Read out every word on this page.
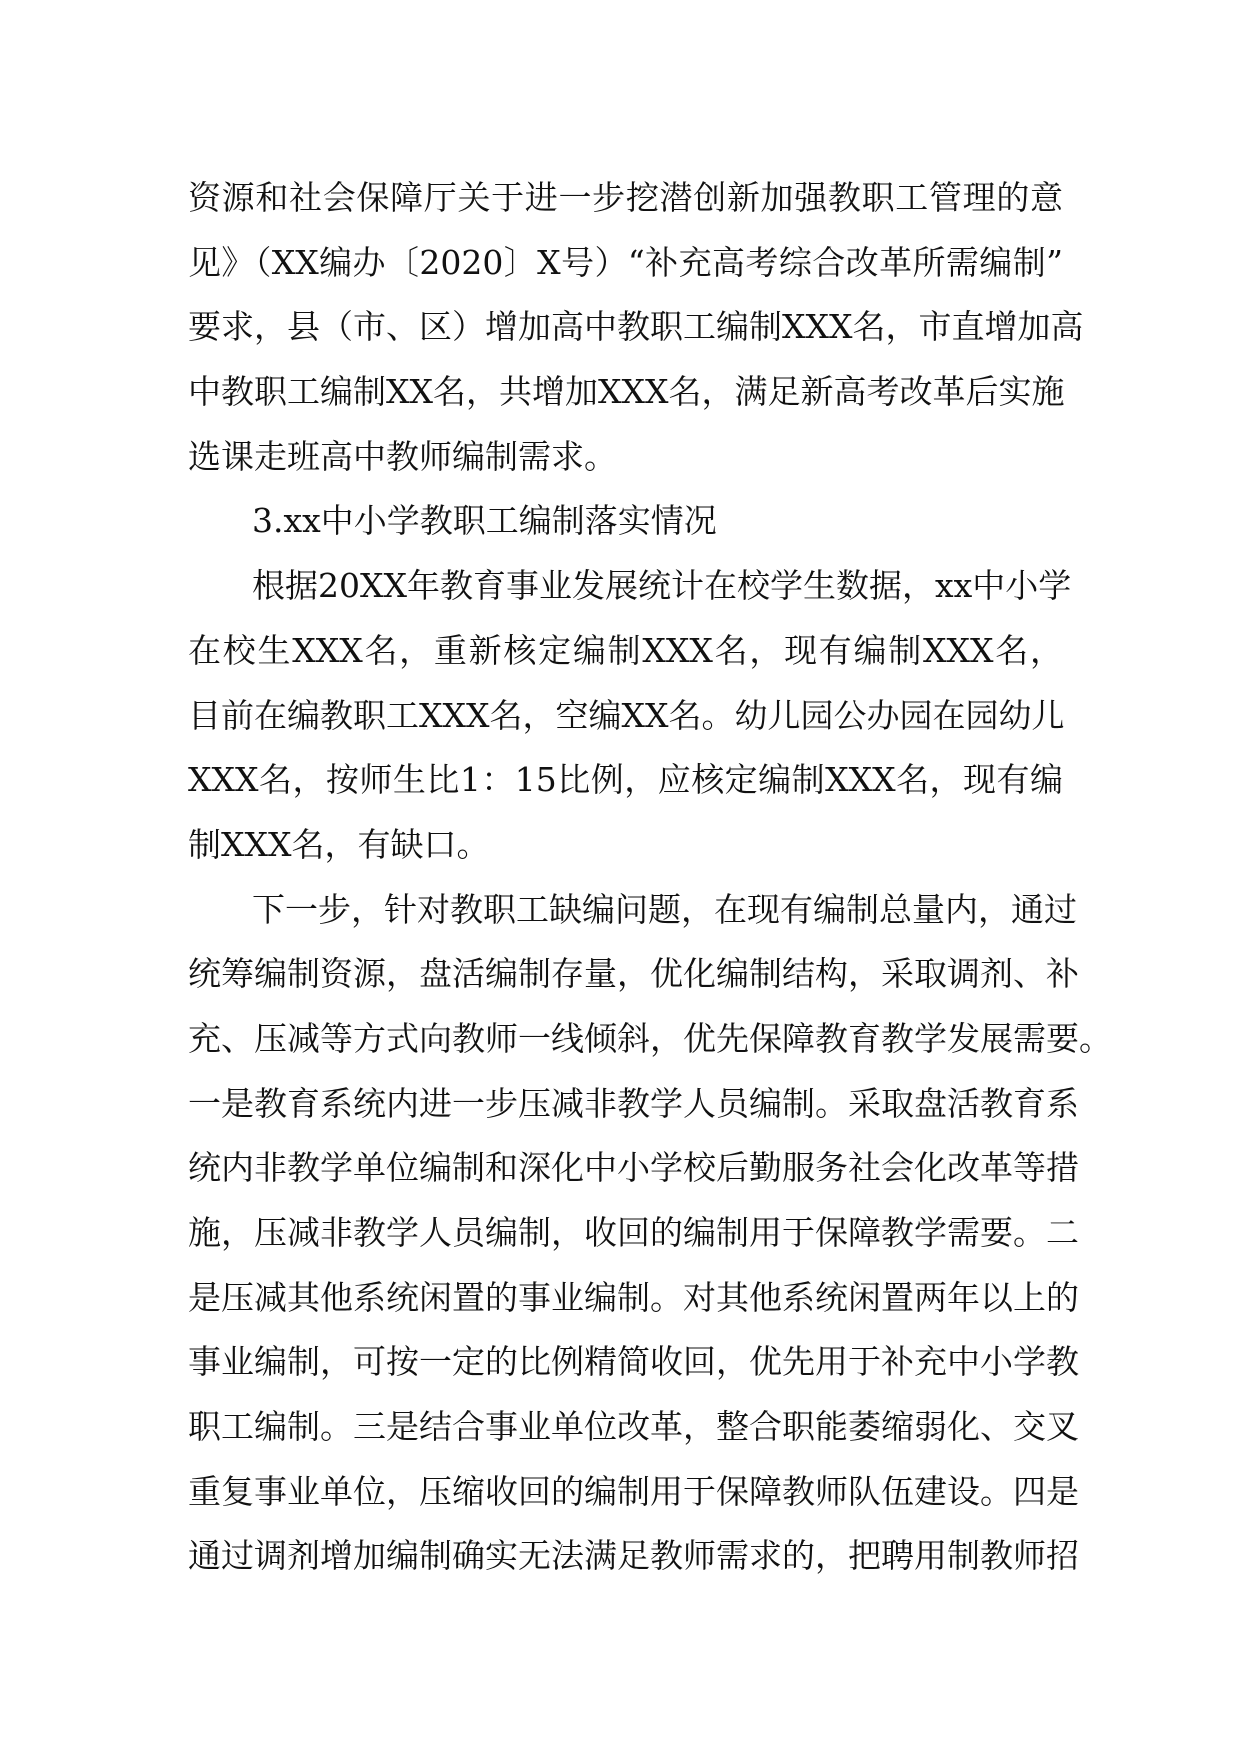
资源和社会保障厅关于进一步挖潜创新加强教职工管理的意
见》（XX编办〔2020〕X号）“补充高考综合改革所需编制”
要求，县（市、区）增加高中教职工编制XXX名，市直增加高
中教职工编制XX名，共增加XXX名，满足新高考改革后实施
选课走班高中教师编制需求。
3.xx中小学教职工编制落实情况
根据20XX年教育事业发展统计在校学生数据，xx中小学
在校生XXX名，重新核定编制XXX名，现有编制XXX名，
目前在编教职工XXX名，空编XX名。幼儿园公办园在园幼儿
XXX名，按师生比1：15比例，应核定编制XXX名，现有编
制XXX名，有缺口。
下一步，针对教职工缺编问题，在现有编制总量内，通过
统筹编制资源，盘活编制存量，优化编制结构，采取调剂、补
充、压减等方式向教师一线倾斜，优先保障教育教学发展需要。
一是教育系统内进一步压减非教学人员编制。采取盘活教育系
统内非教学单位编制和深化中小学校后勤服务社会化改革等措
施，压减非教学人员编制，收回的编制用于保障教学需要。二
是压减其他系统闲置的事业编制。对其他系统闲置两年以上的
事业编制，可按一定的比例精简收回，优先用于补充中小学教
职工编制。三是结合事业单位改革，整合职能萎缩弱化、交叉
重复事业单位，压缩收回的编制用于保障教师队伍建设。四是
通过调剂增加编制确实无法满足教师需求的，把聘用制教师招
